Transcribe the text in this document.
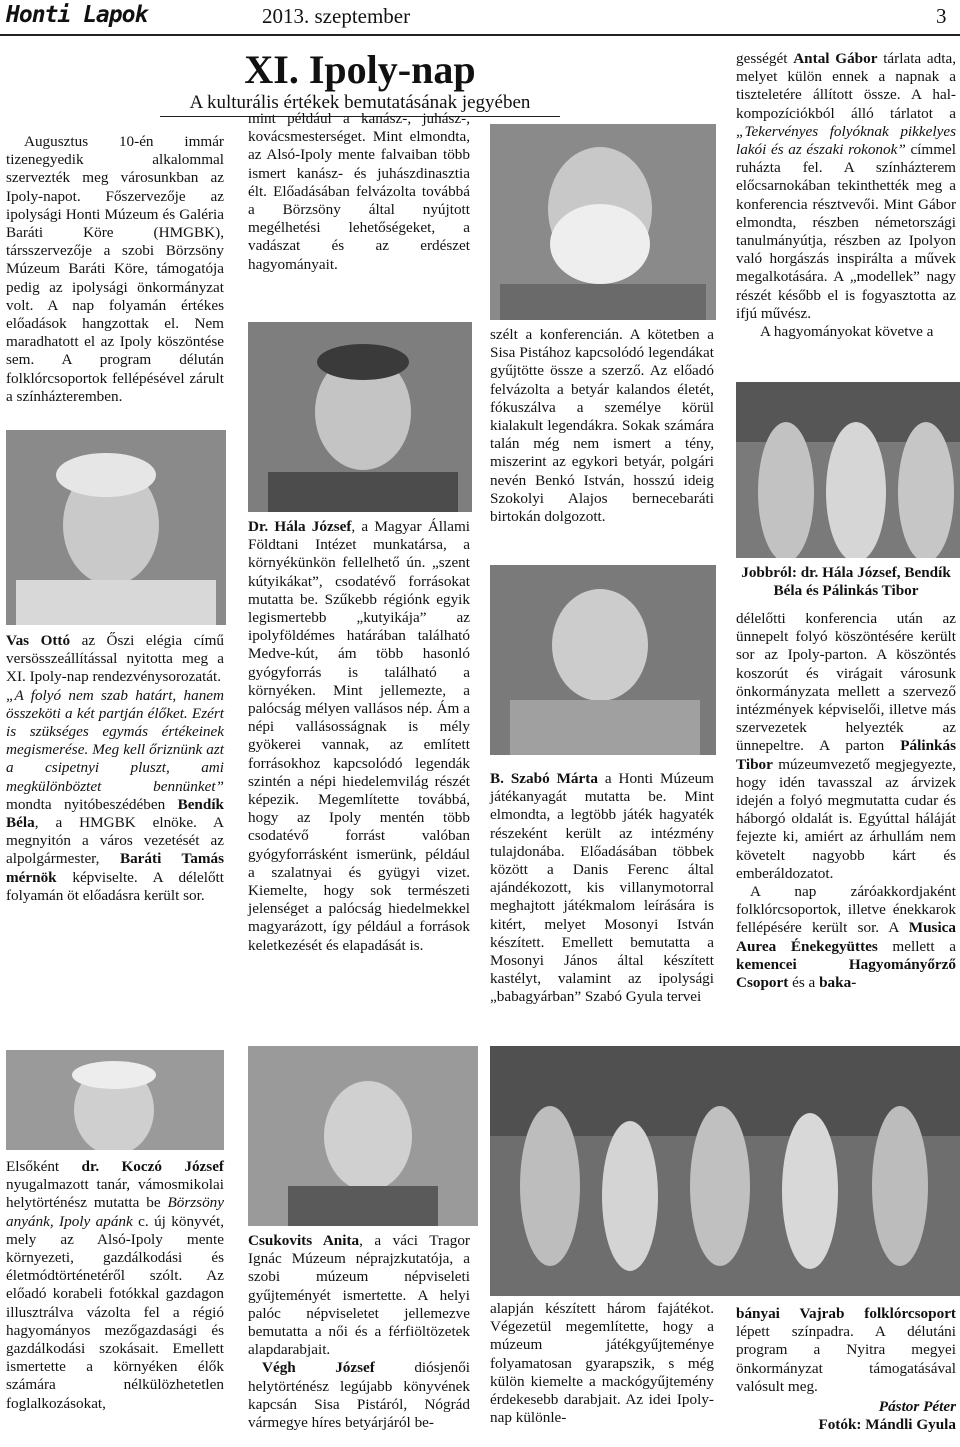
Honti Lapok	2013. szeptember	3
XI. Ipoly-nap
A kulturális értékek bemutatásának jegyében

Augusztus 10-én immár tizenegyedik alkalommal szervezték meg városunkban az Ipoly-napot. Főszervezője az ipolysági Honti Múzeum és Galéria Baráti Köre (HMGBK), társszervezője a szobi Börzsöny Múzeum Baráti Köre, támogatója pedig az ipolysági önkormányzat volt. A nap folyamán értékes előadások hangzottak el. Nem maradhatott el az Ipoly köszöntése sem. A program délután folklórcsoportok fellépésével zárult a színházteremben.

Vas Ottó az Őszi elégia című versösszeállítással nyitotta meg a XI. Ipoly-nap rendezvénysorozatát.

„A folyó nem szab határt, hanem összeköti a két partján élőket. Ezért is szükséges egymás értékeinek megismerése. Meg kell őriznünk azt a csipetnyi pluszt, ami megkülönböztet bennünket” mondta nyitóbeszédében Bendík Béla, a HMGBK elnöke. A megnyitón a város vezetését az alpolgármester, Baráti Tamás mérnök képviselte. A délelőtt folyamán öt előadásra került sor.

Elsőként dr. Koczó József nyugalmazott tanár, vámosmikolai helytörténész mutatta be Börzsöny anyánk, Ipoly apánk c. új könyvét, mely az Alsó-Ipoly mente környezeti, gazdálkodási és életmódtörténetéről szólt. Az előadó korabeli fotókkal gazdagon illusztrálva vázolta fel a régió hagyományos mezőgazdasági és gazdálkodási szokásait. Emellett ismertette a környéken élők számára nélkülözhetetlen foglalkozásokat,

mint például a kanász-, juhász-, kovácsmesterséget. Mint elmondta, az Alsó-Ipoly mente falvaiban több ismert kanász- és juhászdinasztia élt. Előadásában felvázolta továbbá a Börzsöny által nyújtott megélhetési lehetőségeket, a vadászat és az erdészet hagyományait.

Dr. Hála József, a Magyar Állami Földtani Intézet munkatársa, a környékünkön fellelhető ún. „szent kútyikákat”, csodatévő forrásokat mutatta be. Szűkebb régiónk egyik legismertebb „kutyikája” az ipolyföldémes határában található Medve-kút, ám több hasonló gyógyforrás is található a környéken. Mint jellemezte, a palócság mélyen vallásos nép. Ám a népi vallásosságnak is mély gyökerei vannak, az említett forrásokhoz kapcsolódó legendák szintén a népi hiedelemvilág részét képezik. Megemlítette továbbá, hogy az Ipoly mentén több csodatévő forrást valóban gyógyforrásként ismerünk, például a szalatnyai és gyügyi vizet. Kiemelte, hogy sok természeti jelenséget a palócság hiedelmekkel magyarázott, így például a források keletkezését és elapadását is.

Csukovits Anita, a váci Tragor Ignác Múzeum néprajzkutatója, a szobi múzeum népviseleti gyűjteményét ismertette. A helyi palóc népviseletet jellemezve bemutatta a női és a férfiöltözetek alapdarabjait.

Végh József diósjenői helytörténész legújabb könyvének kapcsán Sisa Pistáról, Nógrád vármegye híres betyárjáról be-

szélt a konferencián. A kötetben a Sisa Pistához kapcsolódó legendákat gyűjtötte össze a szerző. Az előadó felvázolta a betyár kalandos életét, fókuszálva a személye körül kialakult legendákra. Sokak számára talán még nem ismert a tény, miszerint az egykori betyár, polgári nevén Benkó István, hosszú ideig Szokolyi Alajos bernecebaráti birtokán dolgozott.

B. Szabó Márta a Honti Múzeum játékanyagát mutatta be. Mint elmondta, a legtöbb játék hagyaték részeként került az intézmény tulajdonába. Előadásában többek között a Danis Ferenc által ajándékozott, kis villanymotorral meghajtott játékmalom leírására is kitért, melyet Mosonyi István készített. Emellett bemutatta a Mosonyi János által készített kastélyt, valamint az ipolysági „babagyárban” Szabó Gyula tervei

alapján készített három fajátékot. Végezetül megemlítette, hogy a múzeum játékgyűjteménye folyamatosan gyarapszik, s még külön kiemelte a mackógyűjtemény érdekesebb darabjait. Az idei Ipoly-nap különle-

gességét Antal Gábor tárlata adta, melyet külön ennek a napnak a tiszteletére állított össze. A hal-kompozíciókból álló tárlatot a „Tekervényes folyóknak pikkelyes lakói és az északi rokonok” címmel ruházta fel. A színházterem előcsarnokában tekinthették meg a konferencia résztvevői. Mint Gábor elmondta, részben németországi tanulmányútja, részben az Ipolyon való horgászás inspirálta a művek megalkotására. A „modellek” nagy részét később el is fogyasztotta az ifjú művész.

A hagyományokat követve a

Jobbról: dr. Hála József, Bendík Béla és Pálinkás Tibor

délelőtti konferencia után az ünnepelt folyó köszöntésére került sor az Ipoly-parton. A köszöntés koszorút és virágait városunk önkormányzata mellett a szervező intézmények képviselői, illetve más szervezetek helyezték az ünnepeltre. A parton Pálinkás Tibor múzeumvezető megjegyezte, hogy idén tavasszal az árvizek idején a folyó megmutatta cudar és háborgó oldalát is. Egyúttal háláját fejezte ki, amiért az árhullám nem követelt nagyobb kárt és emberáldozatot.

A nap záróakkordjaként folklórcsoportok, illetve énekkarok fellépésére került sor. A Musica Aurea Énekegyüttes mellett a kemencei Hagyományőrző Csoport és a baka-

bányai Vajrab folklórcsoport lépett színpadra. A délutáni program a Nyitra megyei önkormányzat támogatásával valósult meg.

Pástor Péter

Fotók: Mándli Gyula
